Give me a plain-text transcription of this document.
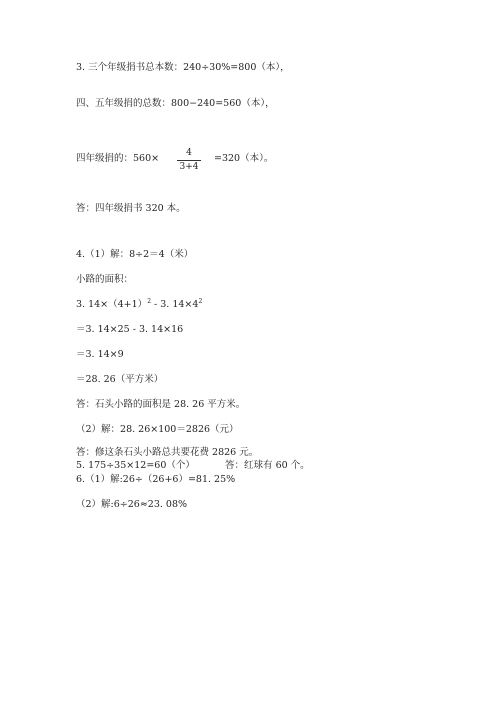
3. 三个年级捐书总本数：240÷30%=800（本），
四、五年级捐的总数：800−240=560（本），
四年级捐的：560×	4
3+4
=320（本）。
答：四年级捐书 320 本。
4.（1）解：8÷2＝4（米）
小路的面积：
3. $14\times(4+1)^2 - 3$. $14\times 4^2$
＝3. 14×25 - 3. 14×16
＝3. 14×9
＝28. 26（平方米）
答：石头小路的面积是 28. 26 平方米。
（2）解：28. 26×100＝2826（元）
答：修这条石头小路总共要花费 2826 元。
5. 175÷35×12=60（个）          答：红球有 60 个。
6.（1）解:26÷（26+6）=81. 25%
（2）解:6÷26≈23. 08%
